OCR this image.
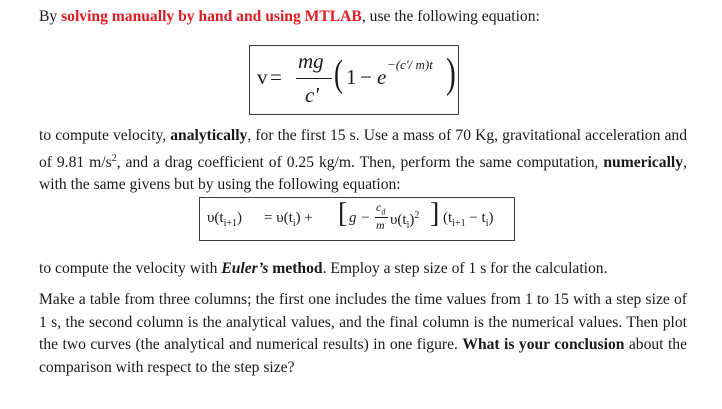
By solving manually by hand and using MTLAB, use the following equation:
v =
mg
c' ( 1 − e
−(c'/ m)t )
to compute velocity, analytically, for the first 15 s. Use a mass of 70 Kg, gravitational acceleration and of 9.81 $m/s^2$, and a drag coefficient of 0.25 kg/m. Then, perform the same computation, numerically, with the same givens but by using the following equation:
$\upsilon(t_{i+1}) = \upsilon(t_i)$ + [ g −
$c_d$
m $\upsilon(t_i)^2$ ] $(t_{i+1} - t_i)$
to compute the velocity with Euler’s method. Employ a step size of 1 s for the calculation.
Make a table from three columns; the first one includes the time values from 1 to 15 with a step size of 1 s, the second column is the analytical values, and the final column is the numerical values. Then plot the two curves (the analytical and numerical results) in one figure. What is your conclusion about the comparison with respect to the step size?
